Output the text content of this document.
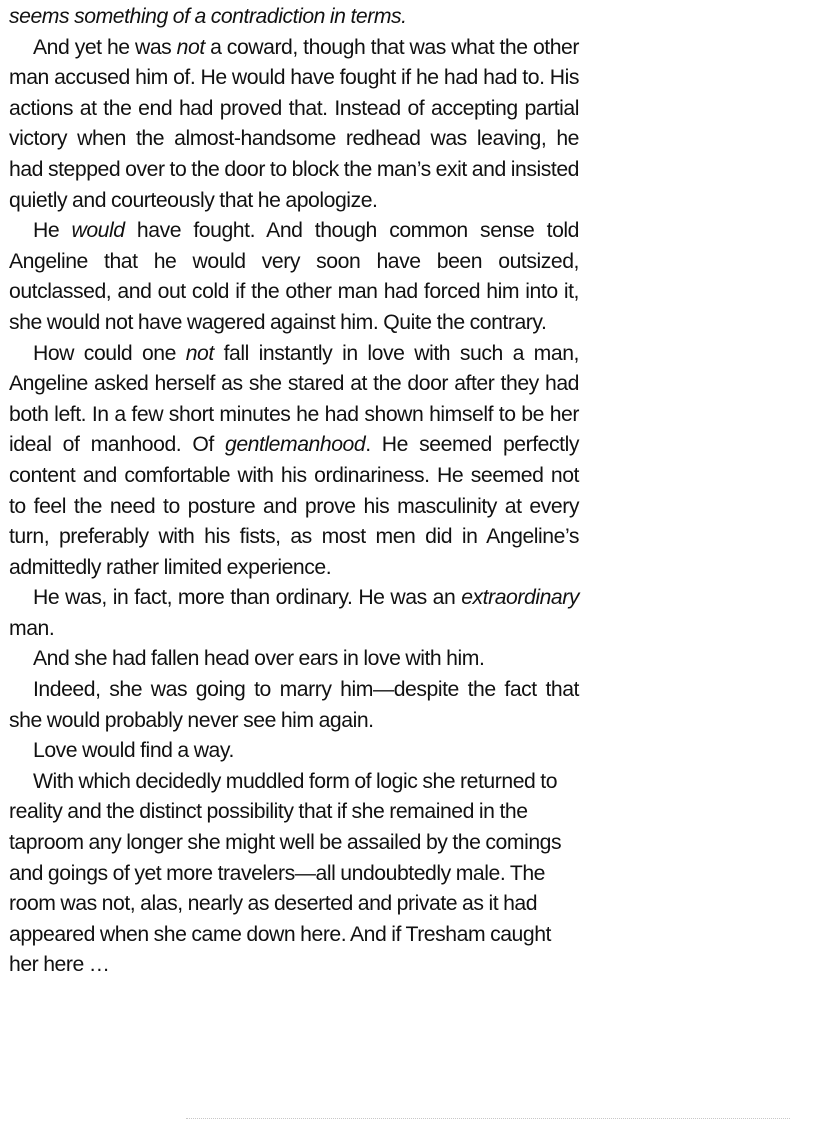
seems something of a contradiction in terms.

And yet he was not a coward, though that was what the other man accused him of. He would have fought if he had had to. His actions at the end had proved that. Instead of accepting partial victory when the almost-handsome redhead was leaving, he had stepped over to the door to block the man’s exit and insisted quietly and courteously that he apologize.

He would have fought. And though common sense told Angeline that he would very soon have been outsized, outclassed, and out cold if the other man had forced him into it, she would not have wagered against him. Quite the contrary.

How could one not fall instantly in love with such a man, Angeline asked herself as she stared at the door after they had both left. In a few short minutes he had shown himself to be her ideal of manhood. Of gentlemanhood. He seemed perfectly content and comfortable with his ordinariness. He seemed not to feel the need to posture and prove his masculinity at every turn, preferably with his fists, as most men did in Angeline’s admittedly rather limited experience.

He was, in fact, more than ordinary. He was an extraordinary man.

And she had fallen head over ears in love with him.

Indeed, she was going to marry him—despite the fact that she would probably never see him again.

Love would find a way.

With which decidedly muddled form of logic she returned to reality and the distinct possibility that if she remained in the taproom any longer she might well be assailed by the comings and goings of yet more travelers—all undoubtedly male. The room was not, alas, nearly as deserted and private as it had appeared when she came down here. And if Tresham caught her here …
